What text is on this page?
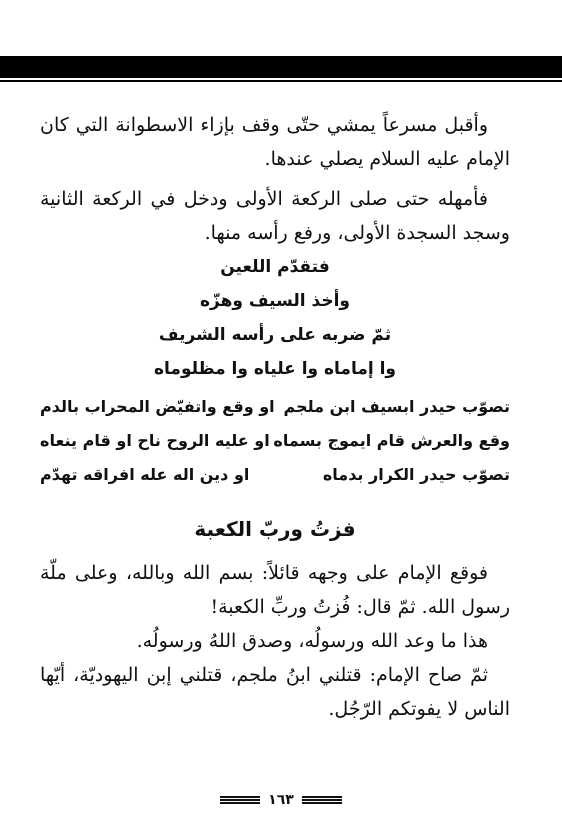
وأقبل مسرعاً يمشي حتّى وقف بإزاء الاسطوانة التي كان الإمام عليه السلام يصلي عندها.

فأمهله حتى صلى الركعة الأولى ودخل في الركعة الثانية وسجد السجدة الأولى، ورفع رأسه منها.

فتقدّم اللعين

وأخذ السيف وهزّه

ثمّ ضربه على رأسه الشريف

وا إماماه وا علياه وا مظلوماه

تصوّب حيدر ابسيف ابن ملجم
او وقع واتفيّض المحراب بالدم
وقع والعرش قام ايموج بسماه
او عليه الروح ناح او قام ينعاه
تصوّب حيدر الكرار بدماه
او دين اله عله افراقه تهدّم
فزتُ وربّ الكعبة

فوقع الإمام على وجهه قائلاً: بسم الله وبالله، وعلى ملّة رسول الله. ثمّ قال: فُزتُ وربِّ الكعبة!

هذا ما وعد الله ورسولُه، وصدق اللهُ ورسولُه.

ثمّ صاح الإمام: قتلني ابنُ ملجم، قتلني إبن اليهوديّة، أيّها الناس لا يفوتكم الرّجُل.

١٦٣
